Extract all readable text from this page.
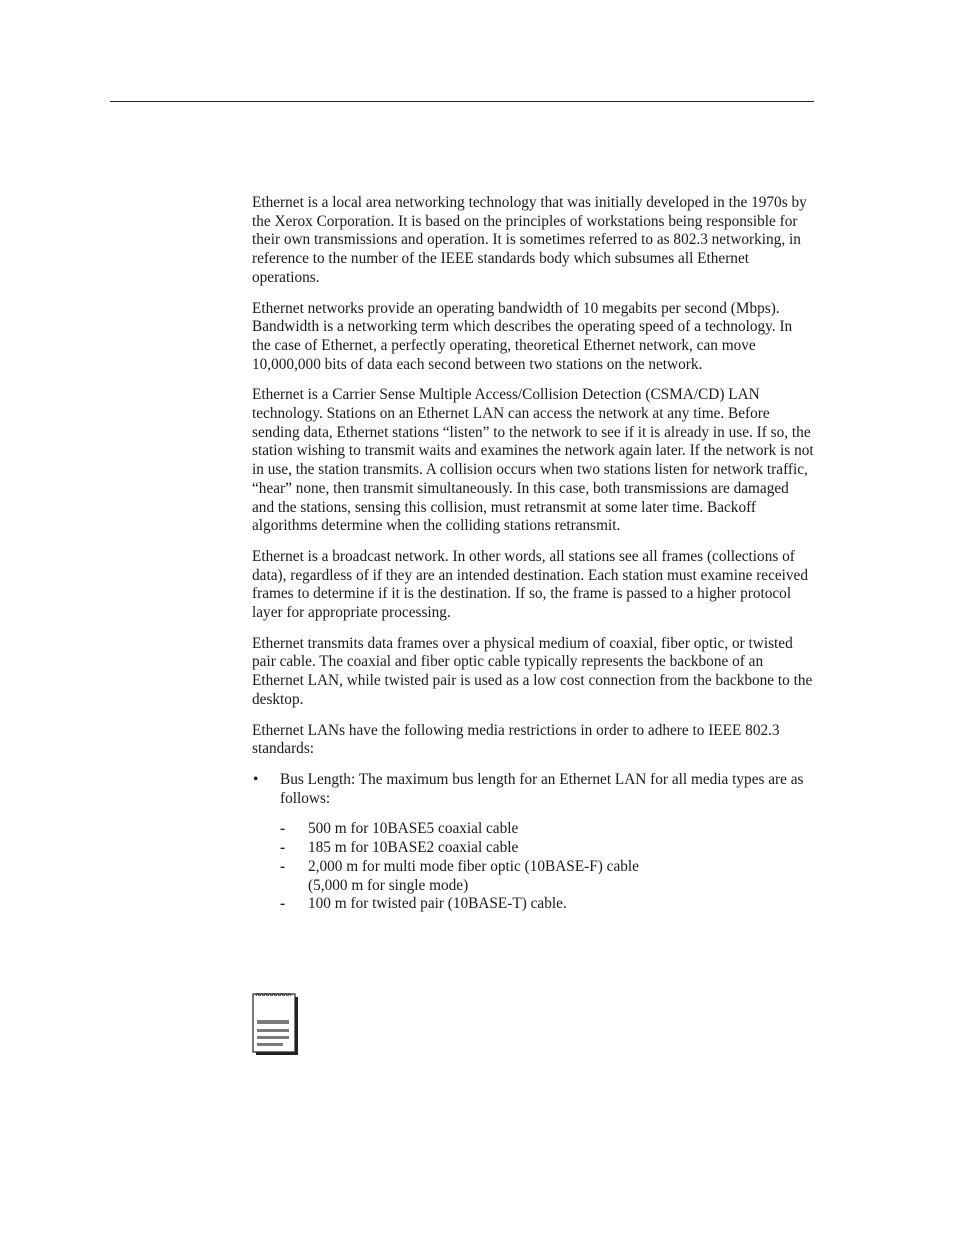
Ethernet is a local area networking technology that was initially developed in the 1970s by the Xerox Corporation. It is based on the principles of workstations being responsible for their own transmissions and operation. It is sometimes referred to as 802.3 networking, in reference to the number of the IEEE standards body which subsumes all Ethernet operations.

Ethernet networks provide an operating bandwidth of 10 megabits per second (Mbps). Bandwidth is a networking term which describes the operating speed of a technology. In the case of Ethernet, a perfectly operating, theoretical Ethernet network, can move 10,000,000 bits of data each second between two stations on the network.

Ethernet is a Carrier Sense Multiple Access/Collision Detection (CSMA/CD) LAN technology. Stations on an Ethernet LAN can access the network at any time. Before sending data, Ethernet stations “listen” to the network to see if it is already in use. If so, the station wishing to transmit waits and examines the network again later. If the network is not in use, the station transmits. A collision occurs when two stations listen for network traffic, “hear” none, then transmit simultaneously. In this case, both transmissions are damaged and the stations, sensing this collision, must retransmit at some later time. Backoff algorithms determine when the colliding stations retransmit.

Ethernet is a broadcast network. In other words, all stations see all frames (collections of data), regardless of if they are an intended destination. Each station must examine received frames to determine if it is the destination. If so, the frame is passed to a higher protocol layer for appropriate processing.

Ethernet transmits data frames over a physical medium of coaxial, fiber optic, or twisted pair cable. The coaxial and fiber optic cable typically represents the backbone of an Ethernet LAN, while twisted pair is used as a low cost connection from the backbone to the desktop.

Ethernet LANs have the following media restrictions in order to adhere to IEEE 802.3 standards:

• Bus Length: The maximum bus length for an Ethernet LAN for all media types are as follows:
- 500 m for 10BASE5 coaxial cable
- 185 m for 10BASE2 coaxial cable
- 2,000 m for multi mode fiber optic (10BASE-F) cable
(5,000 m for single mode)
- 100 m for twisted pair (10BASE-T) cable.
